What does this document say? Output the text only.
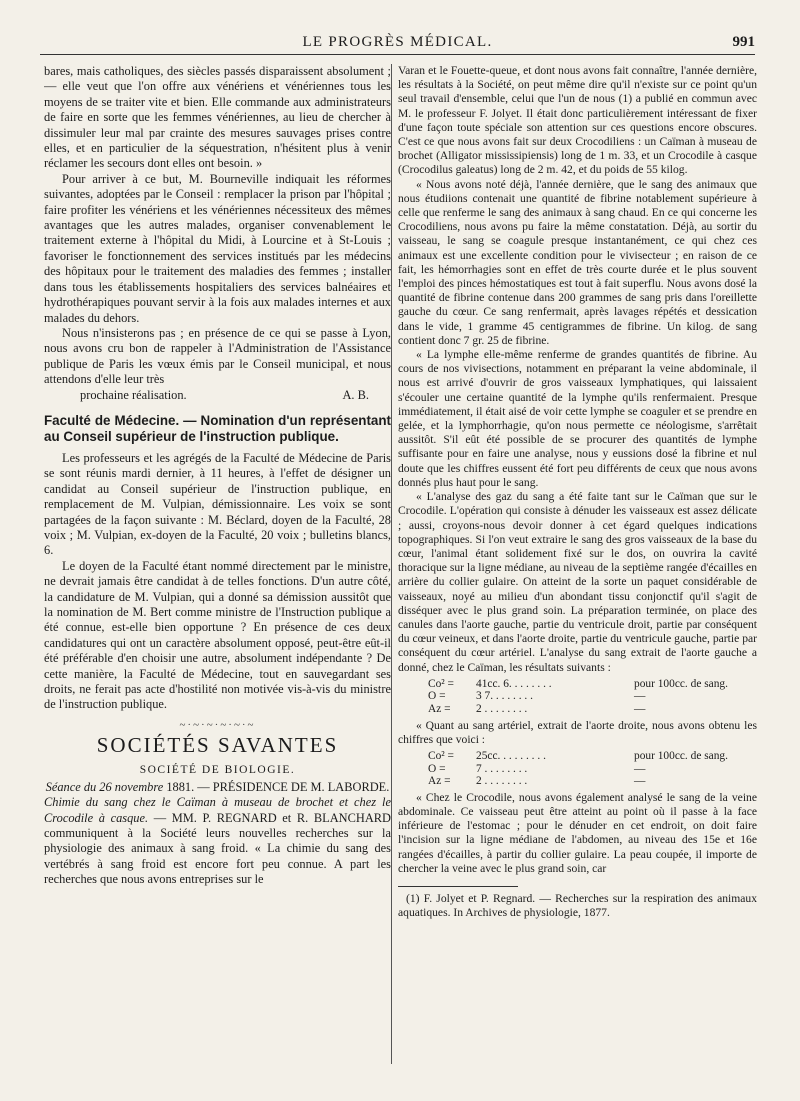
LE PROGRÈS MÉDICAL.	991

bares, mais catholiques, des siècles passés disparaissent absolument ; — elle veut que l'on offre aux vénériens et vénériennes tous les moyens de se traiter vite et bien. Elle commande aux administrateurs de faire en sorte que les femmes vénériennes, au lieu de chercher à dissimuler leur mal par crainte des mesures sauvages prises contre elles, et en particulier de la séquestration, n'hésitent plus à venir réclamer les secours dont elles ont besoin. »

Pour arriver à ce but, M. Bourneville indiquait les réformes suivantes, adoptées par le Conseil : remplacer la prison par l'hôpital ; faire profiter les vénériens et les vénériennes nécessiteux des mêmes avantages que les autres malades, organiser convenablement le traitement externe à l'hôpital du Midi, à Lourcine et à St-Louis ; favoriser le fonctionnement des services institués par les médecins des hôpitaux pour le traitement des maladies des femmes ; installer dans tous les établissements hospitaliers des services balnéaires et hydrothérapiques pouvant servir à la fois aux malades internes et aux malades du dehors.

Nous n'insisterons pas ; en présence de ce qui se passe à Lyon, nous avons cru bon de rappeler à l'Administration de l'Assistance publique de Paris les vœux émis par le Conseil municipal, et nous attendons d'elle leur très

prochaine réalisation.	A. B.
Faculté de Médecine. — Nomination d'un représentant au Conseil supérieur de l'instruction publique.

Les professeurs et les agrégés de la Faculté de Médecine de Paris se sont réunis mardi dernier, à 11 heures, à l'effet de désigner un candidat au Conseil supérieur de l'instruction publique, en remplacement de M. Vulpian, démissionnaire. Les voix se sont partagées de la façon suivante : M. Béclard, doyen de la Faculté, 28 voix ; M. Vulpian, ex-doyen de la Faculté, 20 voix ; bulletins blancs, 6.

Le doyen de la Faculté étant nommé directement par le ministre, ne devrait jamais être candidat à de telles fonctions. D'un autre côté, la candidature de M. Vulpian, qui a donné sa démission aussitôt que la nomination de M. Bert comme ministre de l'Instruction publique a été connue, est-elle bien opportune ? En présence de ces deux candidatures qui ont un caractère absolument opposé, peut-être eût-il été préférable d'en choisir une autre, absolument indépendante ? De cette manière, la Faculté de Médecine, tout en sauvegardant ses droits, ne ferait pas acte d'hostilité non motivée vis-à-vis du ministre de l'instruction publique.

~·~·~·~·~·~
SOCIÉTÉS SAVANTES
SOCIÉTÉ DE BIOLOGIE.
Séance du 26 novembre 1881. — PRÉSIDENCE DE M. LABORDE.

Chimie du sang chez le Caïman à museau de brochet et chez le Crocodile à casque. — MM. P. REGNARD et R. BLANCHARD communiquent à la Société leurs nouvelles recherches sur la physiologie des animaux à sang froid. « La chimie du sang des vertébrés à sang froid est encore fort peu connue. A part les recherches que nous avons entreprises sur le

Varan et le Fouette-queue, et dont nous avons fait connaître, l'année dernière, les résultats à la Société, on peut même dire qu'il n'existe sur ce point qu'un seul travail d'ensemble, celui que l'un de nous (1) a publié en commun avec M. le professeur F. Jolyet. Il était donc particulièrement intéressant de fixer d'une façon toute spéciale son attention sur ces questions encore obscures. C'est ce que nous avons fait sur deux Crocodiliens : un Caïman à museau de brochet (Alligator mississipiensis) long de 1 m. 33, et un Crocodile à casque (Crocodilus galeatus) long de 2 m. 42, et du poids de 55 kilog.

« Nous avons noté déjà, l'année dernière, que le sang des animaux que nous étudiions contenait une quantité de fibrine notablement supérieure à celle que renferme le sang des animaux à sang chaud. En ce qui concerne les Crocodiliens, nous avons pu faire la même constatation. Déjà, au sortir du vaisseau, le sang se coagule presque instantanément, ce qui chez ces animaux est une excellente condition pour le vivisecteur ; en raison de ce fait, les hémorrhagies sont en effet de très courte durée et le plus souvent l'emploi des pinces hémostatiques est tout à fait superflu. Nous avons dosé la quantité de fibrine contenue dans 200 grammes de sang pris dans l'oreillette gauche du cœur. Ce sang renfermait, après lavages répétés et dessication dans le vide, 1 gramme 45 centigrammes de fibrine. Un kilog. de sang contient donc 7 gr. 25 de fibrine.

« La lymphe elle-même renferme de grandes quantités de fibrine. Au cours de nos vivisections, notamment en préparant la veine abdominale, il nous est arrivé d'ouvrir de gros vaisseaux lymphatiques, qui laissaient s'écouler une certaine quantité de la lymphe qu'ils renfermaient. Presque immédiatement, il était aisé de voir cette lymphe se coaguler et se prendre en gelée, et la lymphorrhagie, qu'on nous permette ce néologisme, s'arrêtait aussitôt. S'il eût été possible de se procurer des quantités de lymphe suffisante pour en faire une analyse, nous y eussions dosé la fibrine et nul doute que les chiffres eussent été fort peu différents de ceux que nous avons donnés plus haut pour le sang.

« L'analyse des gaz du sang a été faite tant sur le Caïman que sur le Crocodile. L'opération qui consiste à dénuder les vaisseaux est assez délicate ; aussi, croyons-nous devoir donner à cet égard quelques indications topographiques. Si l'on veut extraire le sang des gros vaisseaux de la base du cœur, l'animal étant solidement fixé sur le dos, on ouvrira la cavité thoracique sur la ligne médiane, au niveau de la septième rangée d'écailles en arrière du collier gulaire. On atteint de la sorte un paquet considérable de vaisseaux, noyé au milieu d'un abondant tissu conjonctif qu'il s'agit de disséquer avec le plus grand soin. La préparation terminée, on place des canules dans l'aorte gauche, partie du ventricule droit, partie par conséquent du cœur veineux, et dans l'aorte droite, partie du ventricule gauche, partie par conséquent du cœur artériel. L'analyse du sang extrait de l'aorte gauche a donné, chez le Caïman, les résultats suivants :

Co² =	41cc. 6. . . . . . . .	pour 100cc. de sang.
O =	3 7. . . . . . . .	—
Az =	2 . . . . . . . .	—

« Quant au sang artériel, extrait de l'aorte droite, nous avons obtenu les chiffres que voici :

Co² =	25cc. . . . . . . . .	pour 100cc. de sang.
O =	7 . . . . . . . .	—
Az =	2 . . . . . . . .	—

« Chez le Crocodile, nous avons également analysé le sang de la veine abdominale. Ce vaisseau peut être atteint au point où il passe à la face inférieure de l'estomac ; pour le dénuder en cet endroit, on doit faire l'incision sur la ligne médiane de l'abdomen, au niveau des 15e et 16e rangées d'écailles, à partir du collier gulaire. La peau coupée, il importe de chercher la veine avec le plus grand soin, car

(1) F. Jolyet et P. Regnard. — Recherches sur la respiration des animaux aquatiques. In Archives de physiologie, 1877.
